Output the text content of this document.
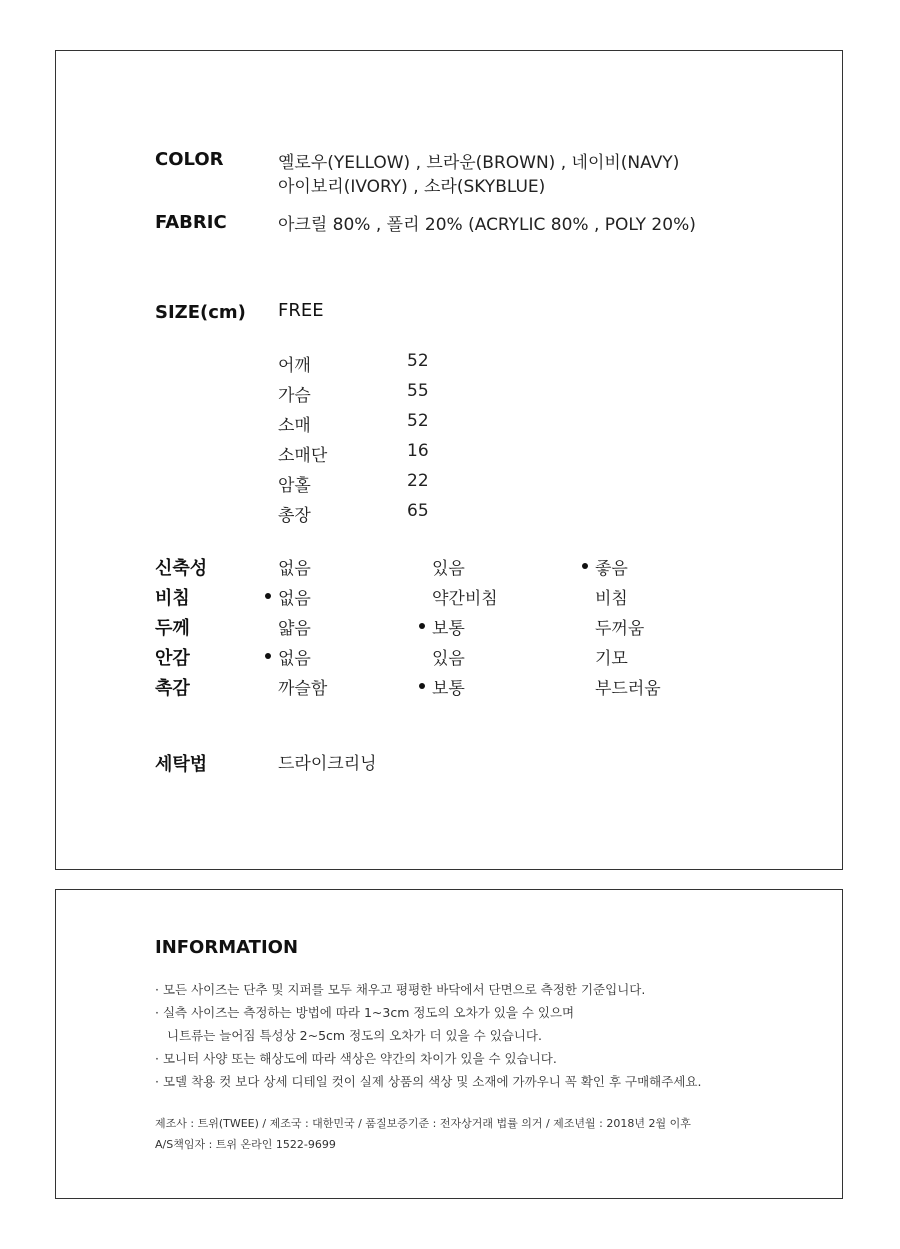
COLOR	옐로우(YELLOW) , 브라운(BROWN) , 네이비(NAVY)
아이보리(IVORY) , 소라(SKYBLUE)
FABRIC	아크릴 80% , 폴리 20% (ACRYLIC 80% , POLY 20%)
SIZE(cm) FREE
어깨	52
가슴	55
소매	52
소매단	16
암홀	22
총장	65
신축성	없음	있음	좋음
비침	없음	약간비침	비침
두께	얇음	보통	두꺼움
안감	없음	있음	기모
촉감	까슬함	보통	부드러움
세탁법	드라이크리닝
INFORMATION
· 모든 사이즈는 단추 및 지퍼를 모두 채우고 평평한 바닥에서 단면으로 측정한 기준입니다.
· 실측 사이즈는 측정하는 방법에 따라 1~3cm 정도의 오차가 있을 수 있으며
니트류는 늘어짐 특성상 2~5cm 정도의 오차가 더 있을 수 있습니다.
· 모니터 사양 또는 해상도에 따라 색상은 약간의 차이가 있을 수 있습니다.
· 모델 착용 컷 보다 상세 디테일 컷이 실제 상품의 색상 및 소재에 가까우니 꼭 확인 후 구매해주세요.
제조사 : 트위(TWEE) / 제조국 : 대한민국 / 품질보증기준 : 전자상거래 법률 의거 / 제조년월 : 2018년 2월 이후
A/S책임자 : 트위 온라인 1522-9699
